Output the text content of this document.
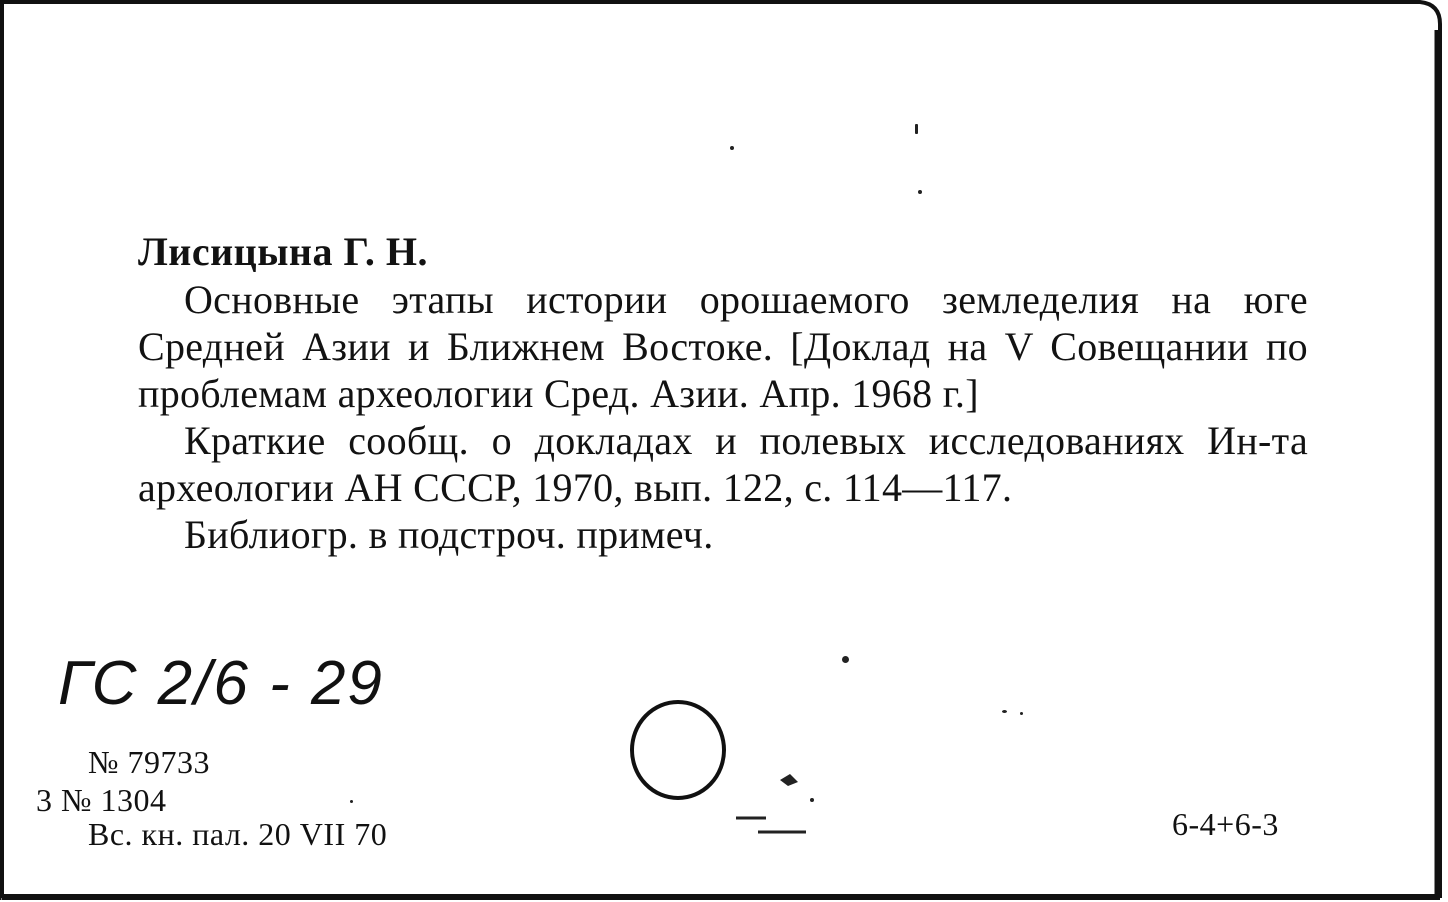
Лисицына Г. Н.

Основные этапы истории орошаемого земледелия на юге Средней Азии и Ближнем Востоке. [Доклад на V Совещании по проблемам археологии Сред. Азии. Апр. 1968 г.]

Краткие сообщ. о докладах и полевых исследованиях Ин-та археологии АН СССР, 1970, вып. 122, с. 114—117.

Библиогр. в подстроч. примеч.

ГС 2/6 - 29
№ 79733
3 № 1304
Вс. кн. пал. 20 VII 70	6-4+6-3
